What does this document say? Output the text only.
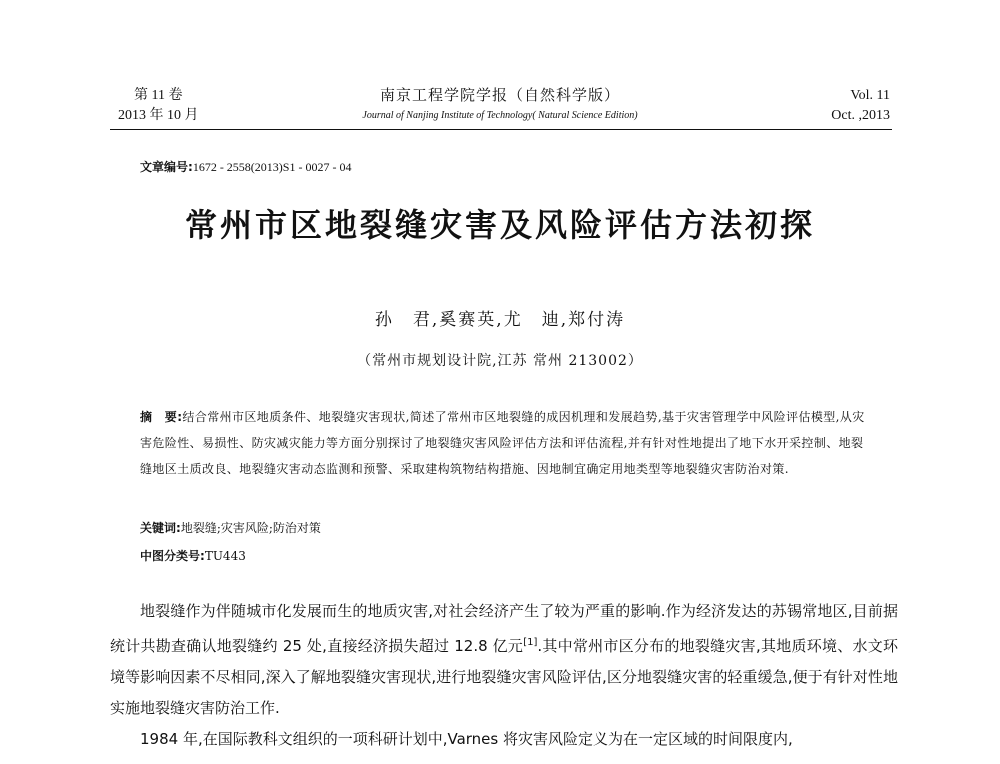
第 11 卷
2013 年 10 月
南京工程学院学报（自然科学版）
Journal of Nanjing Institute of Technology( Natural Science Edition)
Vol. 11
Oct. ,2013
文章编号:1672 - 2558(2013)S1 - 0027 - 04
常州市区地裂缝灾害及风险评估方法初探
孙　君,奚赛英,尤　迪,郑付涛
（常州市规划设计院,江苏 常州 213002）
摘　要:结合常州市区地质条件、地裂缝灾害现状,简述了常州市区地裂缝的成因机理和发展趋势,基于灾害管理学中风险评估模型,从灾害危险性、易损性、防灾减灾能力等方面分别探讨了地裂缝灾害风险评估方法和评估流程,并有针对性地提出了地下水开采控制、地裂缝地区土质改良、地裂缝灾害动态监测和预警、采取建构筑物结构措施、因地制宜确定用地类型等地裂缝灾害防治对策.
关键词:地裂缝;灾害风险;防治对策
中图分类号:TU443

地裂缝作为伴随城市化发展而生的地质灾害,对社会经济产生了较为严重的影响.作为经济发达的苏锡常地区,目前据统计共勘查确认地裂缝约 25 处,直接经济损失超过 12.8 亿元[1].其中常州市区分布的地裂缝灾害,其地质环境、水文环境等影响因素不尽相同,深入了解地裂缝灾害现状,进行地裂缝灾害风险评估,区分地裂缝灾害的轻重缓急,便于有针对性地实施地裂缝灾害防治工作.

1984 年,在国际教科文组织的一项科研计划中,Varnes 将灾害风险定义为在一定区域的时间限度内,
